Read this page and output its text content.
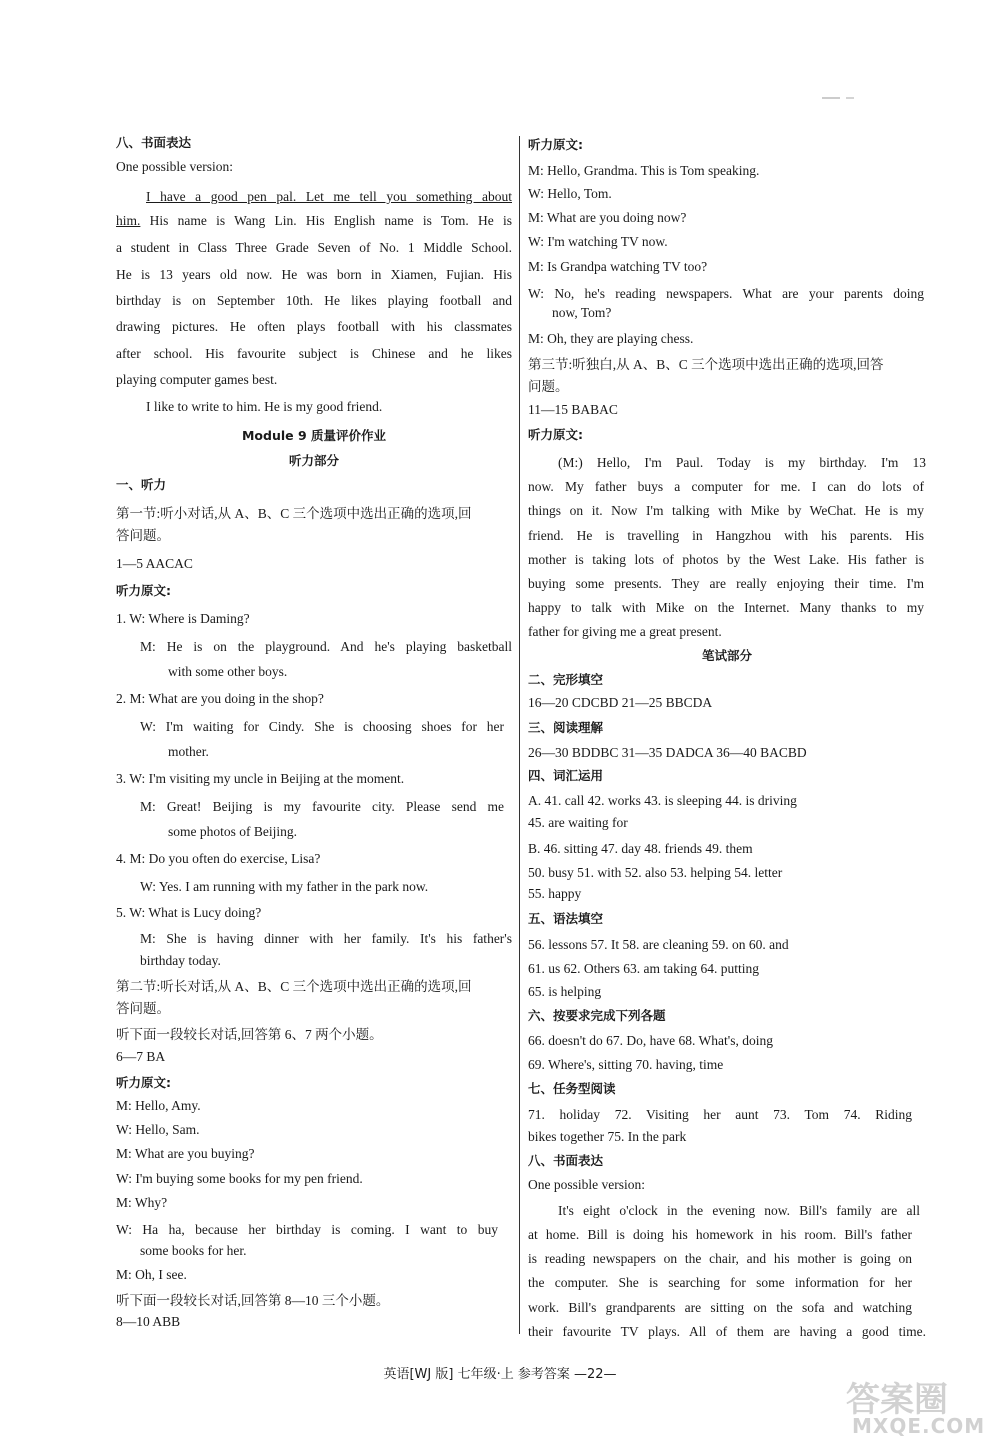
八、书面表达
One possible version:
I have a good pen pal. Let me tell you something about
him. His name is Wang Lin. His English name is Tom. He is
a student in Class Three Grade Seven of No. 1 Middle School.
He is 13 years old now. He was born in Xiamen, Fujian. His
birthday is on September 10th. He likes playing football and
drawing pictures. He often plays football with his classmates
after school. His favourite subject is Chinese and he likes
playing computer games best.
I like to write to him. He is my good friend.
Module 9 质量评价作业
听力部分
一、听力
第一节:听小对话,从 A、B、C 三个选项中选出正确的选项,回
答问题。
1—5 AACAC
听力原文:
1. W: Where is Daming?
M: He is on the playground. And he's playing basketball
with some other boys.
2. M: What are you doing in the shop?
W: I'm waiting for Cindy. She is choosing shoes for her
mother.
3. W: I'm visiting my uncle in Beijing at the moment.
M: Great! Beijing is my favourite city. Please send me
some photos of Beijing.
4. M: Do you often do exercise, Lisa?
W: Yes. I am running with my father in the park now.
5. W: What is Lucy doing?
M: She is having dinner with her family. It's his father's
birthday today.
第二节:听长对话,从 A、B、C 三个选项中选出正确的选项,回
答问题。
听下面一段较长对话,回答第 6、7 两个小题。
6—7 BA
听力原文:
M: Hello, Amy.
W: Hello, Sam.
M: What are you buying?
W: I'm buying some books for my pen friend.
M: Why?
W: Ha ha, because her birthday is coming. I want to buy
some books for her.
M: Oh, I see.
听下面一段较长对话,回答第 8—10 三个小题。
8—10 ABB
听力原文:
M: Hello, Grandma. This is Tom speaking.
W: Hello, Tom.
M: What are you doing now?
W: I'm watching TV now.
M: Is Grandpa watching TV too?
W: No, he's reading newspapers. What are your parents doing
now, Tom?
M: Oh, they are playing chess.
第三节:听独白,从 A、B、C 三个选项中选出正确的选项,回答
问题。
11—15 BABAC
听力原文:
(M:) Hello, I'm Paul. Today is my birthday. I'm 13
now. My father buys a computer for me. I can do lots of
things on it. Now I'm talking with Mike by WeChat. He is my
friend. He is travelling in Hangzhou with his parents. His
mother is taking lots of photos by the West Lake. His father is
buying some presents. They are really enjoying their time. I'm
happy to talk with Mike on the Internet. Many thanks to my
father for giving me a great present.
笔试部分
二、完形填空
16—20 CDCBD 21—25 BBCDA
三、阅读理解
26—30 BDDBC 31—35 DADCA 36—40 BACBD
四、词汇运用
A. 41. call 42. works 43. is sleeping 44. is driving
45. are waiting for
B. 46. sitting 47. day 48. friends 49. them
50. busy 51. with 52. also 53. helping 54. letter
55. happy
五、语法填空
56. lessons 57. It 58. are cleaning 59. on 60. and
61. us 62. Others 63. am taking 64. putting
65. is helping
六、按要求完成下列各题
66. doesn't do 67. Do, have 68. What's, doing
69. Where's, sitting 70. having, time
七、任务型阅读
71. holiday 72. Visiting her aunt 73. Tom 74. Riding
bikes together 75. In the park
八、书面表达
One possible version:
It's eight o'clock in the evening now. Bill's family are all
at home. Bill is doing his homework in his room. Bill's father
is reading newspapers on the chair, and his mother is going on
the computer. She is searching for some information for her
work. Bill's grandparents are sitting on the sofa and watching
their favourite TV plays. All of them are having a good time.
英语[WJ 版] 七年级·上 参考答案 —22—
答案圈
MXQE.COM
